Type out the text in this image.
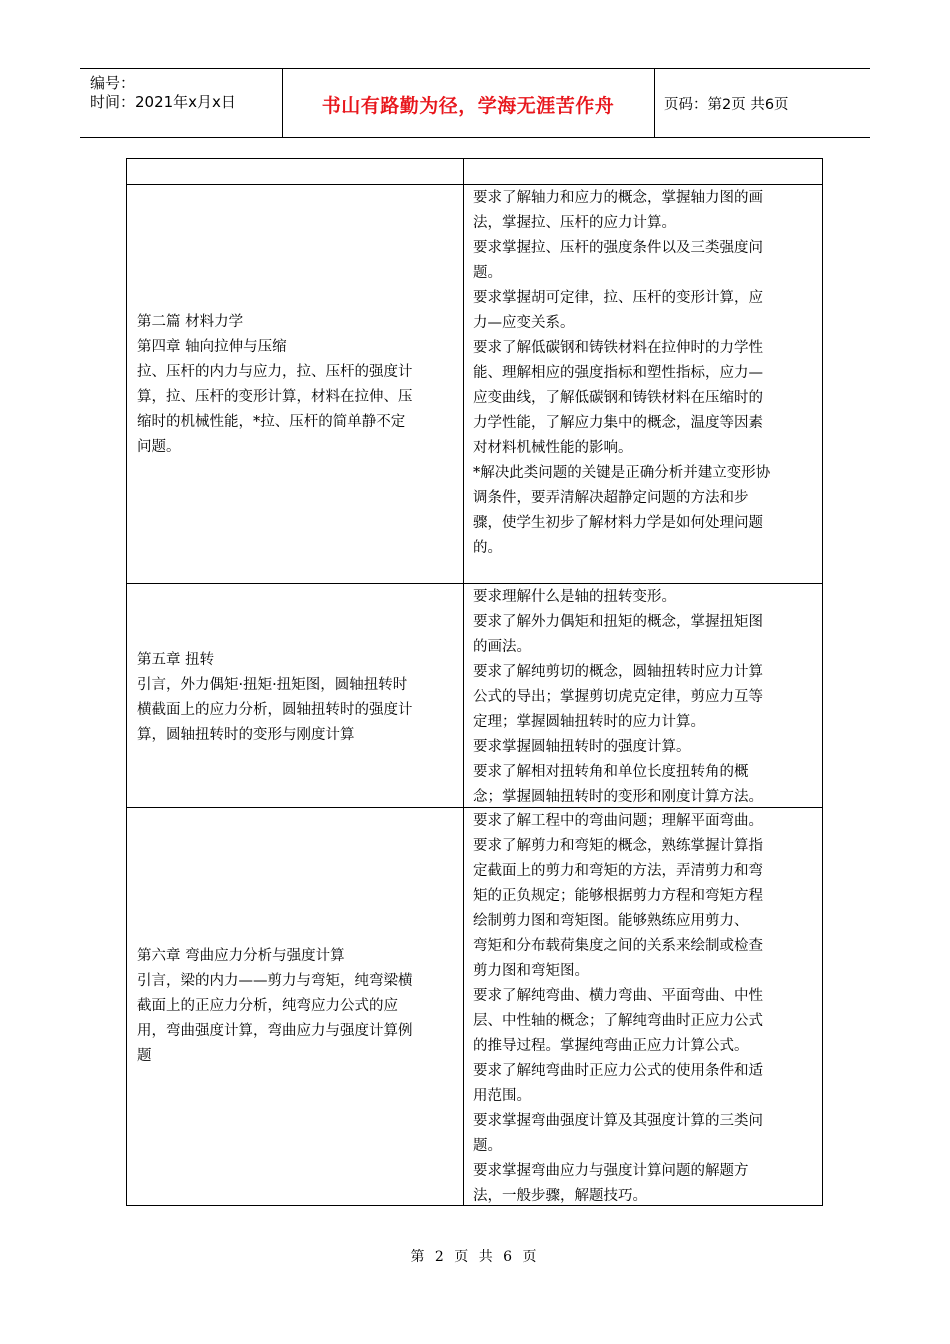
编号：
时间：2021年x月x日	书山有路勤为径，学海无涯苦作舟	页码：第2页 共6页
第二篇 材料力学
第四章 轴向拉伸与压缩
拉、压杆的内力与应力，拉、压杆的强度计
算，拉、压杆的变形计算，材料在拉伸、压
缩时的机械性能，*拉、压杆的简单静不定
问题。
要求了解轴力和应力的概念，掌握轴力图的画
法，掌握拉、压杆的应力计算。
要求掌握拉、压杆的强度条件以及三类强度问
题。
要求掌握胡可定律，拉、压杆的变形计算，应
力—应变关系。
要求了解低碳钢和铸铁材料在拉伸时的力学性
能、理解相应的强度指标和塑性指标，应力—
应变曲线，了解低碳钢和铸铁材料在压缩时的
力学性能，了解应力集中的概念，温度等因素
对材料机械性能的影响。
*解决此类问题的关键是正确分析并建立变形协
调条件，要弄清解决超静定问题的方法和步
骤，使学生初步了解材料力学是如何处理问题
的。
第五章 扭转
引言，外力偶矩·扭矩·扭矩图，圆轴扭转时
横截面上的应力分析，圆轴扭转时的强度计
算，圆轴扭转时的变形与刚度计算
要求理解什么是轴的扭转变形。
要求了解外力偶矩和扭矩的概念，掌握扭矩图
的画法。
要求了解纯剪切的概念，圆轴扭转时应力计算
公式的导出；掌握剪切虎克定律，剪应力互等
定理；掌握圆轴扭转时的应力计算。
要求掌握圆轴扭转时的强度计算。
要求了解相对扭转角和单位长度扭转角的概
念；掌握圆轴扭转时的变形和刚度计算方法。
第六章 弯曲应力分析与强度计算
引言，梁的内力——剪力与弯矩，纯弯梁横
截面上的正应力分析，纯弯应力公式的应
用，弯曲强度计算，弯曲应力与强度计算例
题
要求了解工程中的弯曲问题；理解平面弯曲。
要求了解剪力和弯矩的概念，熟练掌握计算指
定截面上的剪力和弯矩的方法，弄清剪力和弯
矩的正负规定；能够根据剪力方程和弯矩方程
绘制剪力图和弯矩图。能够熟练应用剪力、
弯矩和分布载荷集度之间的关系来绘制或检查
剪力图和弯矩图。
要求了解纯弯曲、横力弯曲、平面弯曲、中性
层、中性轴的概念；了解纯弯曲时正应力公式
的推导过程。掌握纯弯曲正应力计算公式。
要求了解纯弯曲时正应力公式的使用条件和适
用范围。
要求掌握弯曲强度计算及其强度计算的三类问
题。
要求掌握弯曲应力与强度计算问题的解题方
法，一般步骤，解题技巧。
第 2 页 共 6 页
